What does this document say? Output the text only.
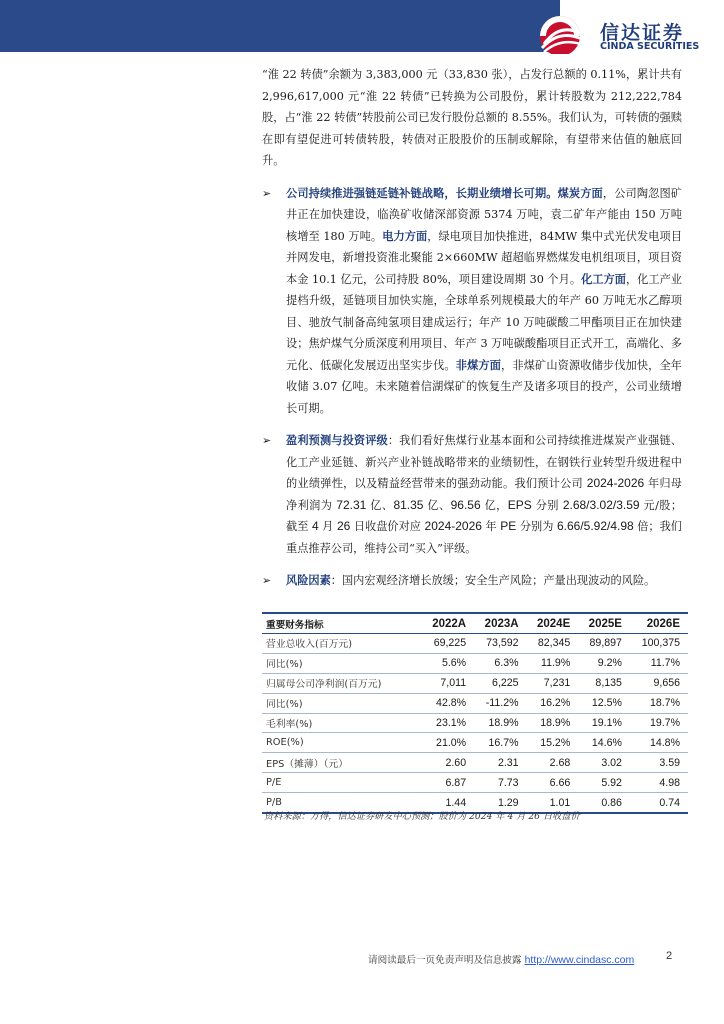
信达证券
CINDA SECURITIES

“淮 22 转债”余额为 3,383,000 元（33,830 张），占发行总额的 0.11%，累计共有 2,996,617,000 元“淮 22 转债”已转换为公司股份，累计转股数为 212,222,784 股，占“淮 22 转债”转股前公司已发行股份总额的 8.55%。我们认为，可转债的强赎在即有望促进可转债转股，转债对正股股价的压制或解除，有望带来估值的触底回升。

➢ 公司持续推进强链延链补链战略，长期业绩增长可期。煤炭方面，公司陶忽图矿井正在加快建设，临涣矿收储深部资源 5374 万吨，袁二矿年产能由 150 万吨核增至 180 万吨。电力方面，绿电项目加快推进，84MW 集中式光伏发电项目并网发电，新增投资淮北聚能 2×660MW 超超临界燃煤发电机组项目，项目资本金 10.1 亿元，公司持股 80%，项目建设周期 30 个月。化工方面，化工产业提档升级，延链项目加快实施，全球单系列规模最大的年产 60 万吨无水乙醇项目、驰放气制备高纯氢项目建成运行；年产 10 万吨碳酸二甲酯项目正在加快建设；焦炉煤气分质深度利用项目、年产 3 万吨碳酸酯项目正式开工，高端化、多元化、低碳化发展迈出坚实步伐。非煤方面，非煤矿山资源收储步伐加快，全年收储 3.07 亿吨。未来随着信湖煤矿的恢复生产及诸多项目的投产，公司业绩增长可期。

➢ 盈利预测与投资评级：我们看好焦煤行业基本面和公司持续推进煤炭产业强链、化工产业延链、新兴产业补链战略带来的业绩韧性，在钢铁行业转型升级进程中的业绩弹性，以及精益经营带来的强劲动能。我们预计公司 2024-2026 年归母净利润为 72.31 亿、81.35 亿、96.56 亿，EPS 分别 2.68/3.02/3.59 元/股；截至 4 月 26 日收盘价对应 2024-2026 年 PE 分别为 6.66/5.92/4.98 倍；我们重点推荐公司，维持公司“买入”评级。

➢ 风险因素：国内宏观经济增长放缓；安全生产风险；产量出现波动的风险。

重要财务指标	2022A	2023A	2024E	2025E	2026E
营业总收入(百万元)	69,225	73,592	82,345	89,897	100,375
同比(%)	5.6%	6.3%	11.9%	9.2%	11.7%
归属母公司净利润(百万元)	7,011	6,225	7,231	8,135	9,656
同比(%)	42.8%	-11.2%	16.2%	12.5%	18.7%
毛利率(%)	23.1%	18.9%	18.9%	19.1%	19.7%
ROE(%)	21.0%	16.7%	15.2%	14.6%	14.8%
EPS（摊薄）（元）	2.60	2.31	2.68	3.02	3.59
P/E	6.87	7.73	6.66	5.92	4.98
P/B	1.44	1.29	1.01	0.86	0.74
资料来源：万得，信达证券研发中心预测；股价为 2024 年 4 月 26 日收盘价
请阅读最后一页免责声明及信息披露 http://www.cindasc.com	2
